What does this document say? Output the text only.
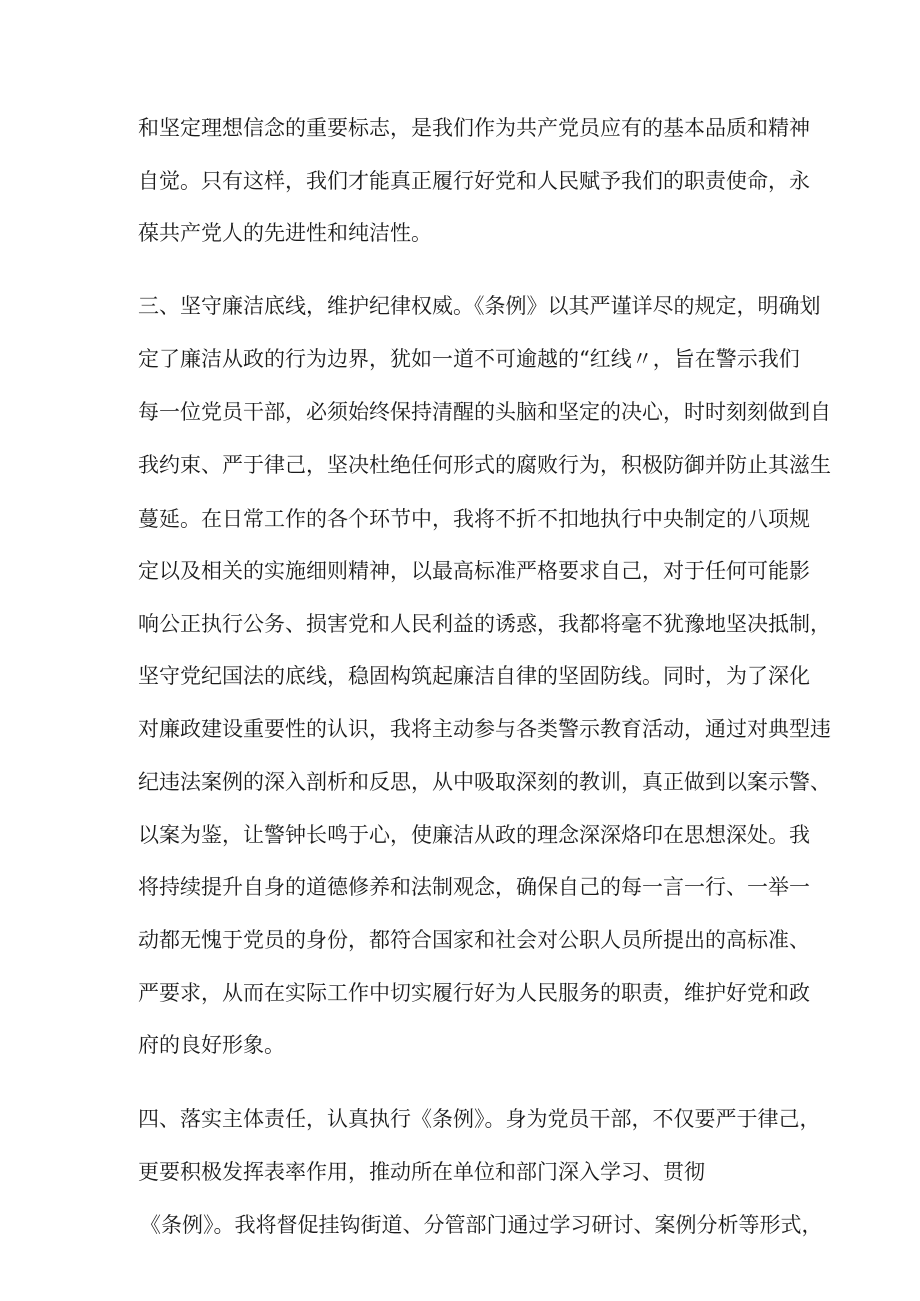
和坚定理想信念的重要标志，是我们作为共产党员应有的基本品质和精神
自觉。只有这样，我们才能真正履行好党和人民赋予我们的职责使命，永
葆共产党人的先进性和纯洁性。
三、坚守廉洁底线，维护纪律权威。《条例》以其严谨详尽的规定，明确划
定了廉洁从政的行为边界，犹如一道不可逾越的“红线〃，旨在警示我们
每一位党员干部，必须始终保持清醒的头脑和坚定的决心，时时刻刻做到自
我约束、严于律己，坚决杜绝任何形式的腐败行为，积极防御并防止其滋生
蔓延。在日常工作的各个环节中，我将不折不扣地执行中央制定的八项规
定以及相关的实施细则精神，以最高标准严格要求自己，对于任何可能影
响公正执行公务、损害党和人民利益的诱惑，我都将毫不犹豫地坚决抵制，
坚守党纪国法的底线，稳固构筑起廉洁自律的坚固防线。同时，为了深化
对廉政建设重要性的认识，我将主动参与各类警示教育活动，通过对典型违
纪违法案例的深入剖析和反思，从中吸取深刻的教训，真正做到以案示警、
以案为鉴，让警钟长鸣于心，使廉洁从政的理念深深烙印在思想深处。我
将持续提升自身的道德修养和法制观念，确保自己的每一言一行、一举一
动都无愧于党员的身份，都符合国家和社会对公职人员所提出的高标准、
严要求，从而在实际工作中切实履行好为人民服务的职责，维护好党和政
府的良好形象。
四、落实主体责任，认真执行《条例》。身为党员干部，不仅要严于律己，
更要积极发挥表率作用，推动所在单位和部门深入学习、贯彻
《条例》。我将督促挂钩街道、分管部门通过学习研讨、案例分析等形式，
